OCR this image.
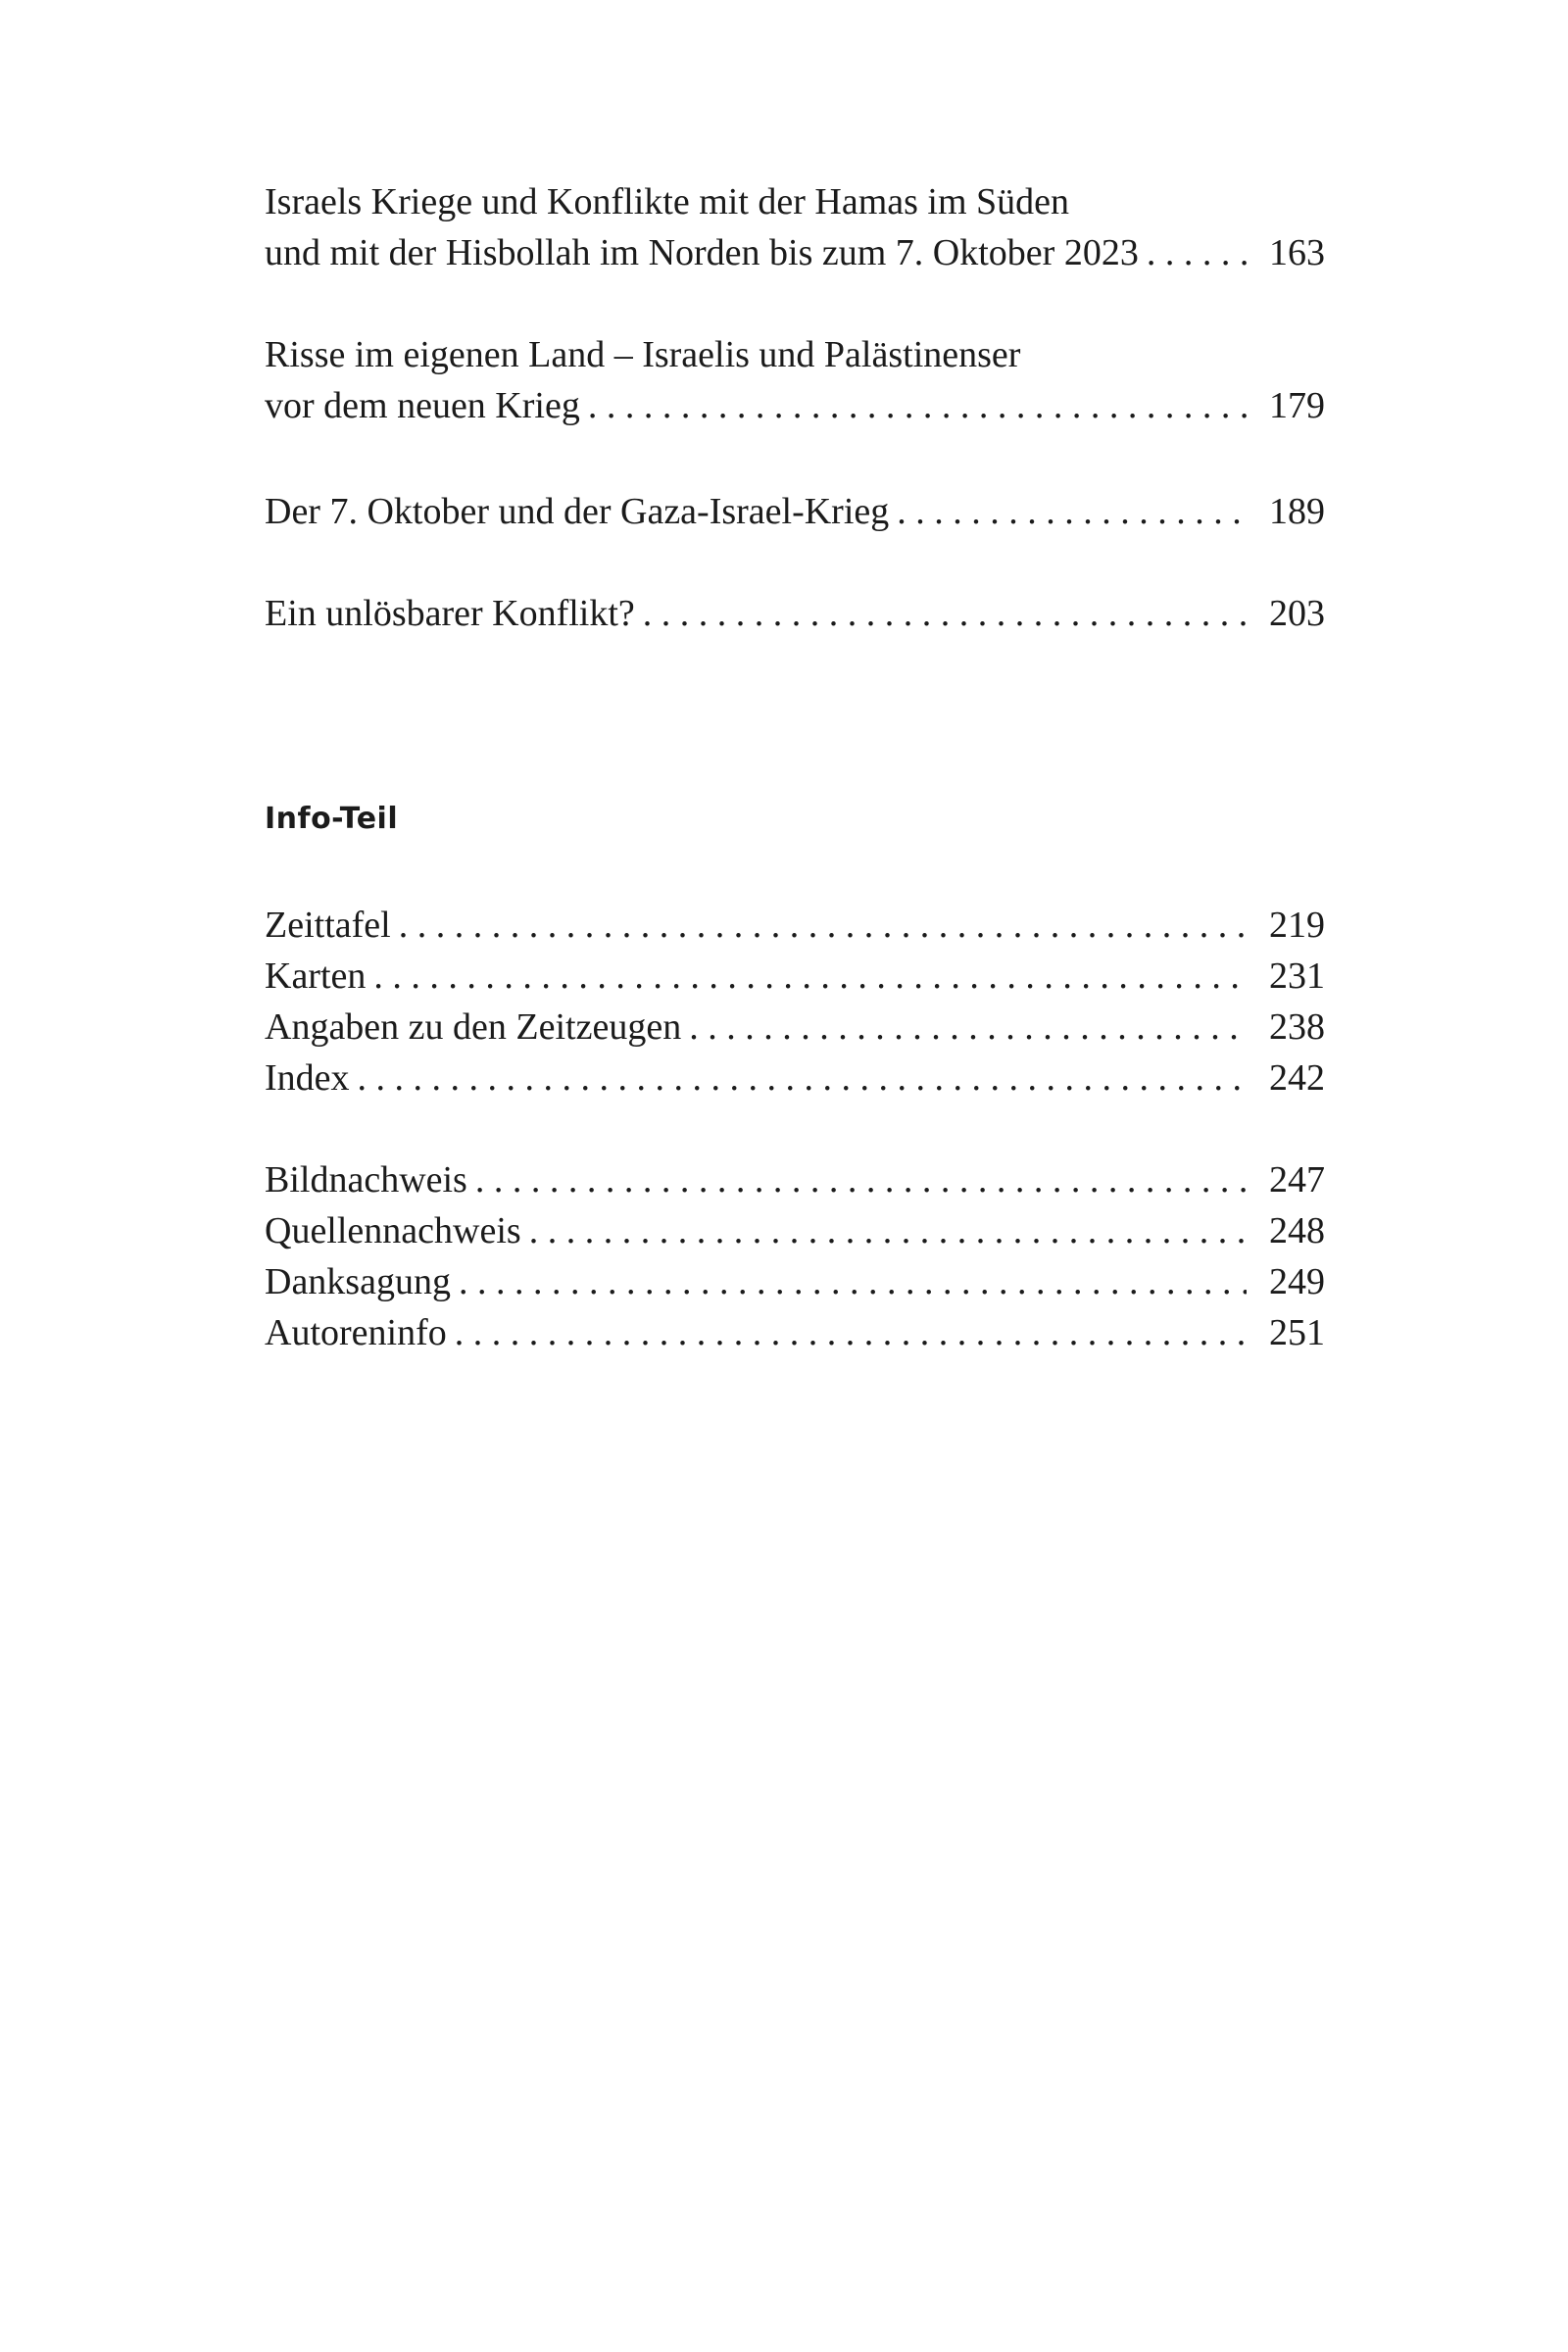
Israels Kriege und Konflikte mit der Hamas im Süden
und mit der Hisbollah im Norden bis zum 7. Oktober 2023 . . .	163
Risse im eigenen Land – Israelis und Palästinenser
vor dem neuen Krieg . . .	179
Der 7. Oktober und der Gaza-Israel-Krieg . . .	189
Ein unlösbarer Konflikt? . . .	203
Info-Teil
Zeittafel . . .	219
Karten . . .	231
Angaben zu den Zeitzeugen . . .	238
Index . . .	242
Bildnachweis . . .	247
Quellennachweis . . .	248
Danksagung . . .	249
Autoreninfo . . .	251
